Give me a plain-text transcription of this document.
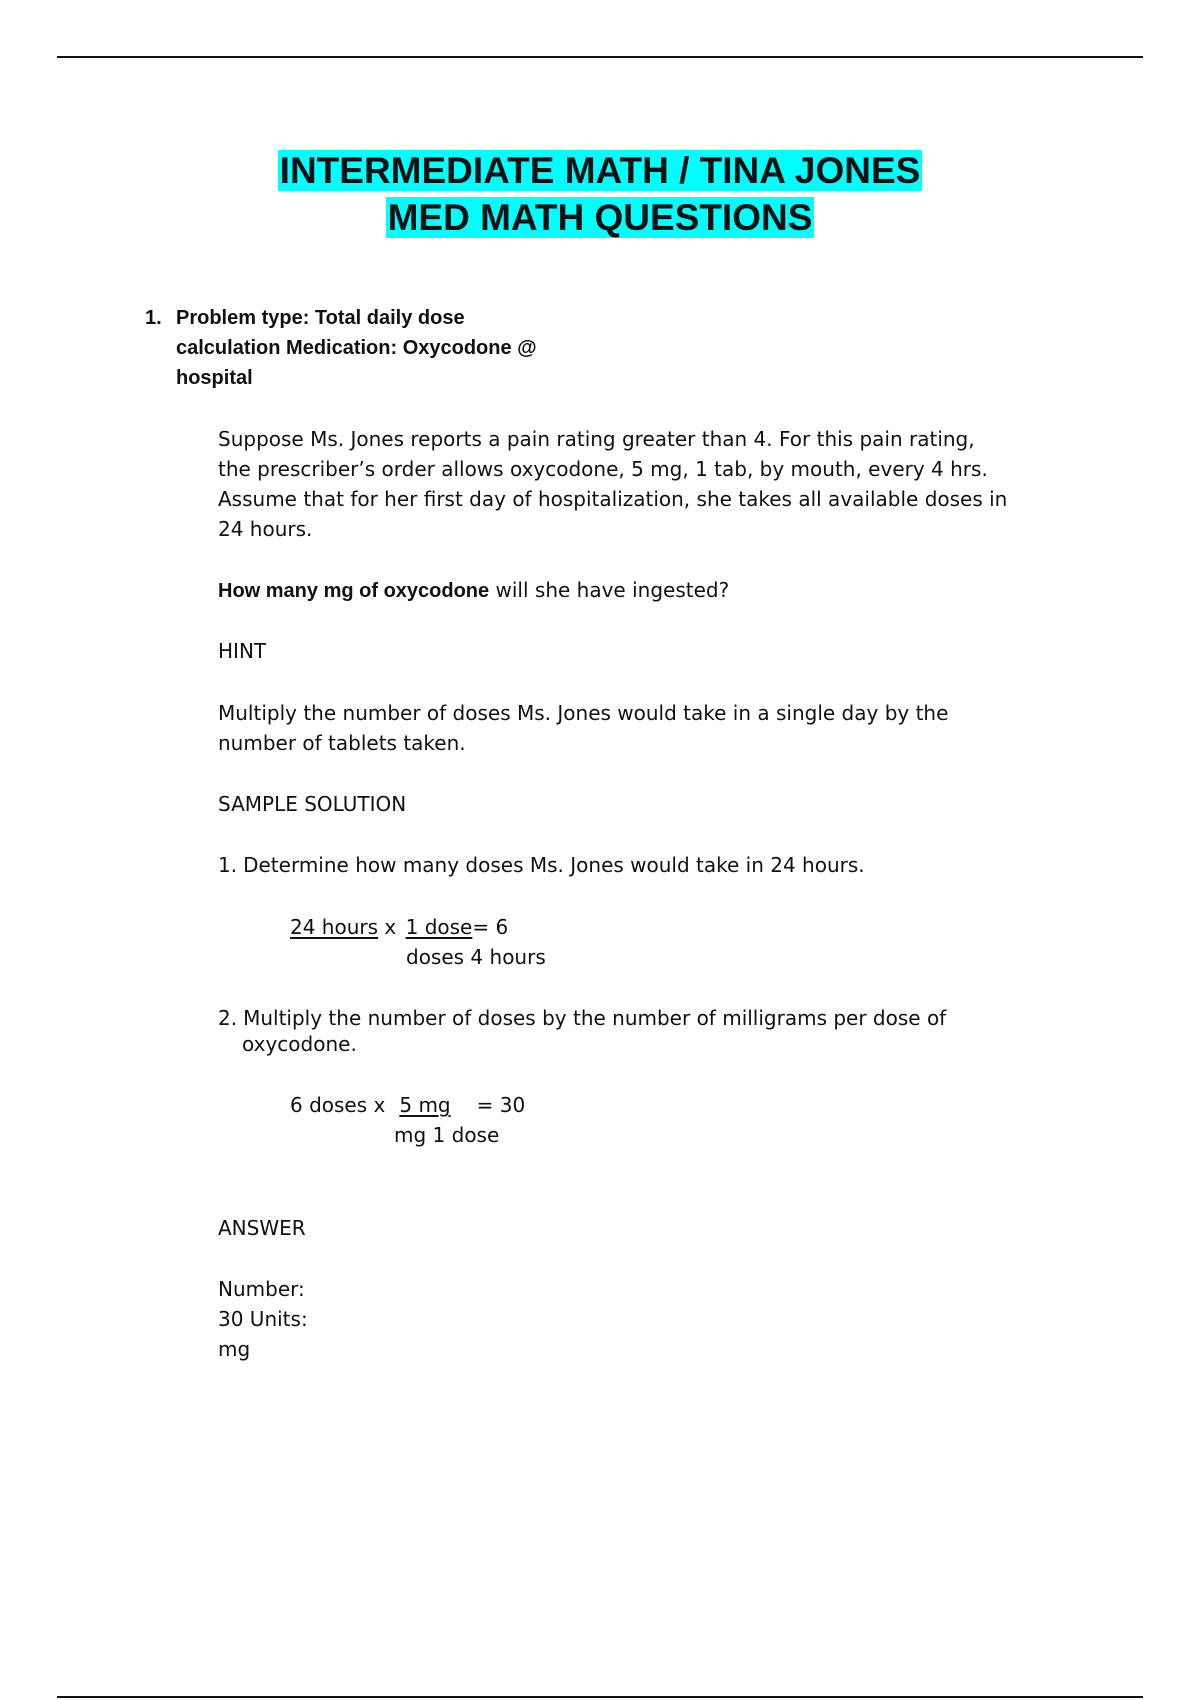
INTERMEDIATE MATH / TINA JONES
MED MATH QUESTIONS
1. Problem type: Total daily dose
calculation Medication: Oxycodone @
hospital
Suppose Ms. Jones reports a pain rating greater than 4. For this pain rating,
the prescriber’s order allows oxycodone, 5 mg, 1 tab, by mouth, every 4 hrs.
Assume that for her first day of hospitalization, she takes all available doses in
24 hours.
How many mg of oxycodone will she have ingested?
HINT
Multiply the number of doses Ms. Jones would take in a single day by the
number of tablets taken.
SAMPLE SOLUTION
1. Determine how many doses Ms. Jones would take in 24 hours.
24 hours x 1 dose= 6
doses 4 hours
2. Multiply the number of doses by the number of milligrams per dose of
oxycodone.
6 doses x 5 mg = 30
mg 1 dose
ANSWER
Number:
30 Units:
mg
